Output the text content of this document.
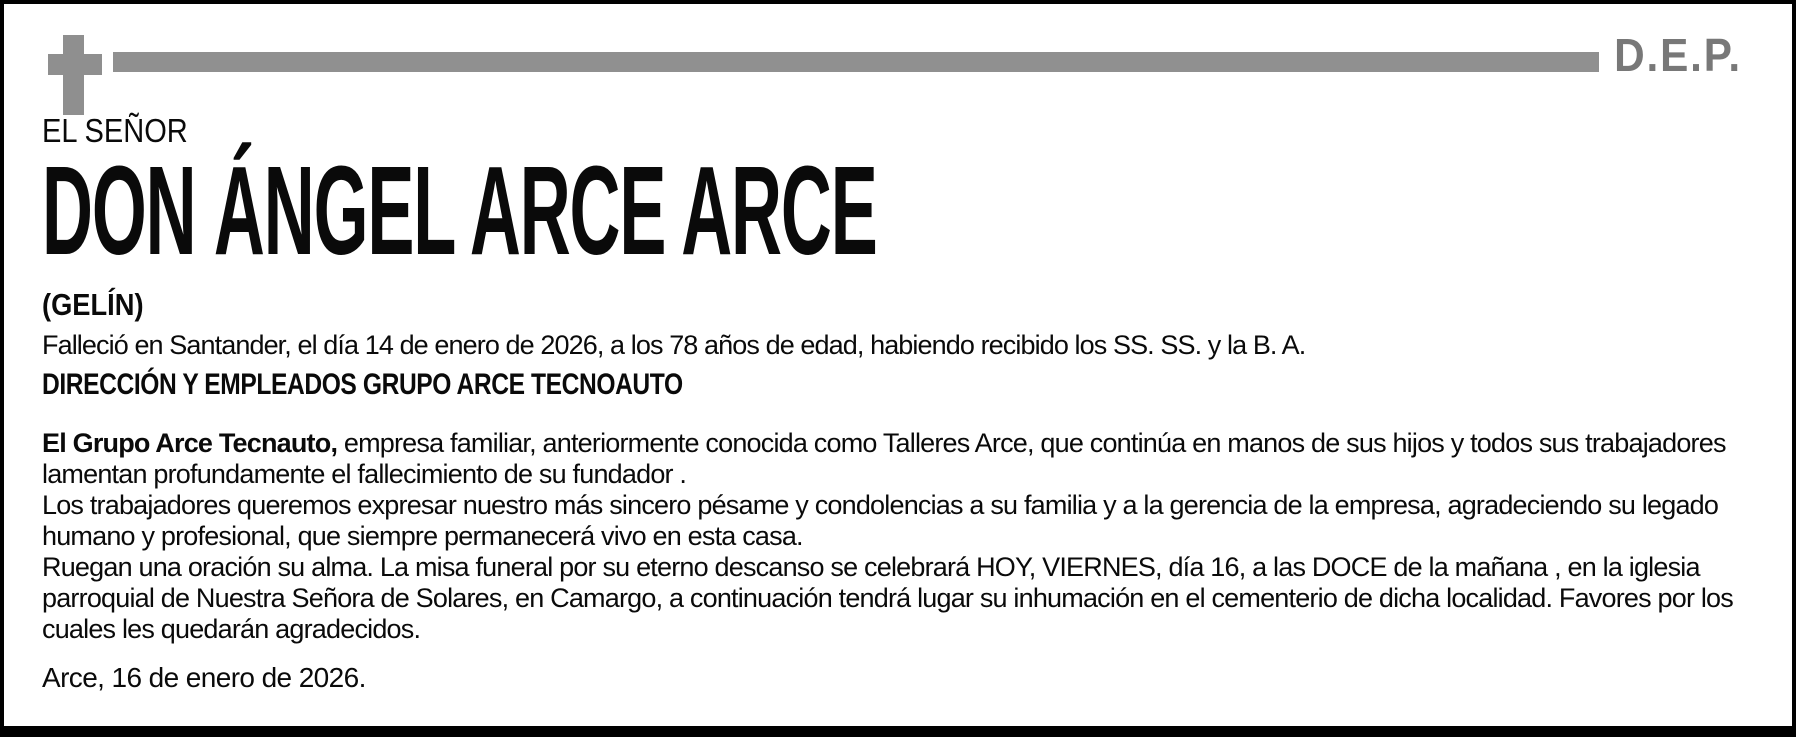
D.E.P.
EL SEÑOR
DON ÁNGEL ARCE ARCE
(GELÍN)
Falleció en Santander, el día 14 de enero de 2026, a los 78 años de edad, habiendo recibido los SS. SS. y la B. A.
DIRECCIÓN Y EMPLEADOS GRUPO ARCE TECNOAUTO

El Grupo Arce Tecnauto, empresa familiar, anteriormente conocida como Talleres Arce, que continúa en manos de sus hijos y todos sus trabajadores lamentan profundamente el fallecimiento de su fundador .

Los trabajadores queremos expresar nuestro más sincero pésame y condolencias a su familia y a la gerencia de la empresa, agradeciendo su legado humano y profesional, que siempre permanecerá vivo en esta casa.

Ruegan una oración su alma. La misa funeral por su eterno descanso se celebrará HOY, VIERNES, día 16, a las DOCE de la mañana , en la iglesia parroquial de Nuestra Señora de Solares, en Camargo, a continuación tendrá lugar su inhumación en el cementerio de dicha localidad. Favores por los cuales les quedarán agradecidos.

Arce, 16 de enero de 2026.
